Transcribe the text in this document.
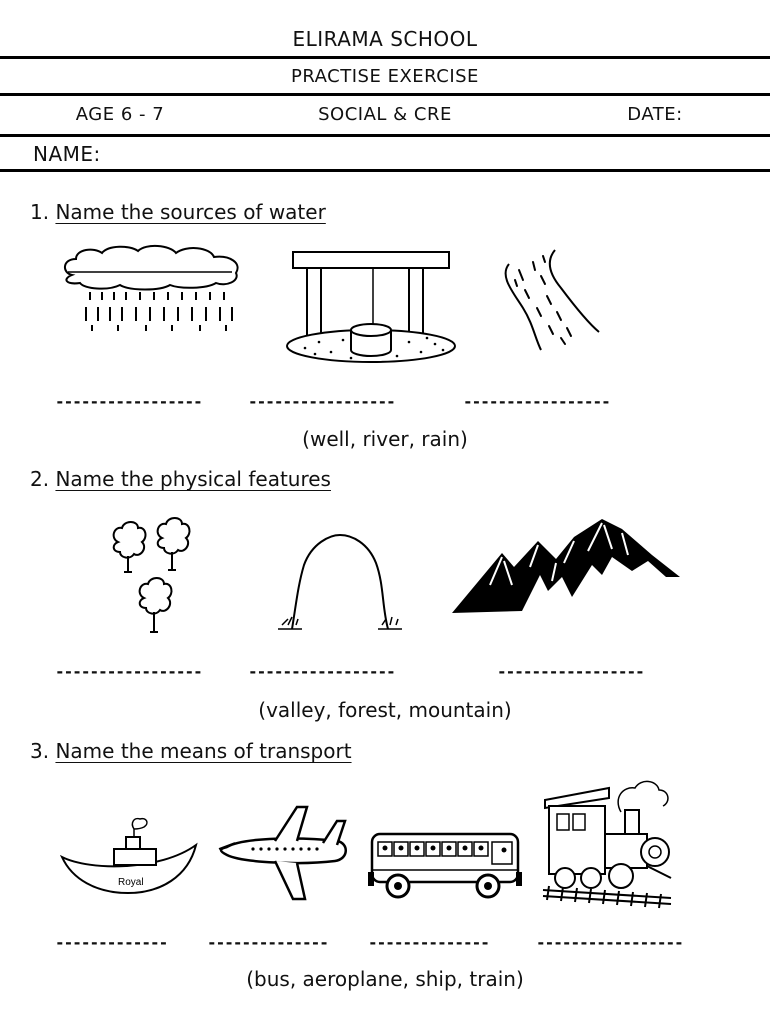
ELIRAMA SCHOOL
PRACTISE EXERCISE
AGE 6 - 7	SOCIAL & CRE	DATE:
NAME:
1. Name the sources of water
-----------------	-----------------	-----------------
(well, river, rain)
2. Name the physical features
-----------------	-----------------	-----------------
(valley, forest, mountain)
3. Name the means of transport
Royal
------------- --------------	--------------	-----------------
(bus, aeroplane, ship, train)
